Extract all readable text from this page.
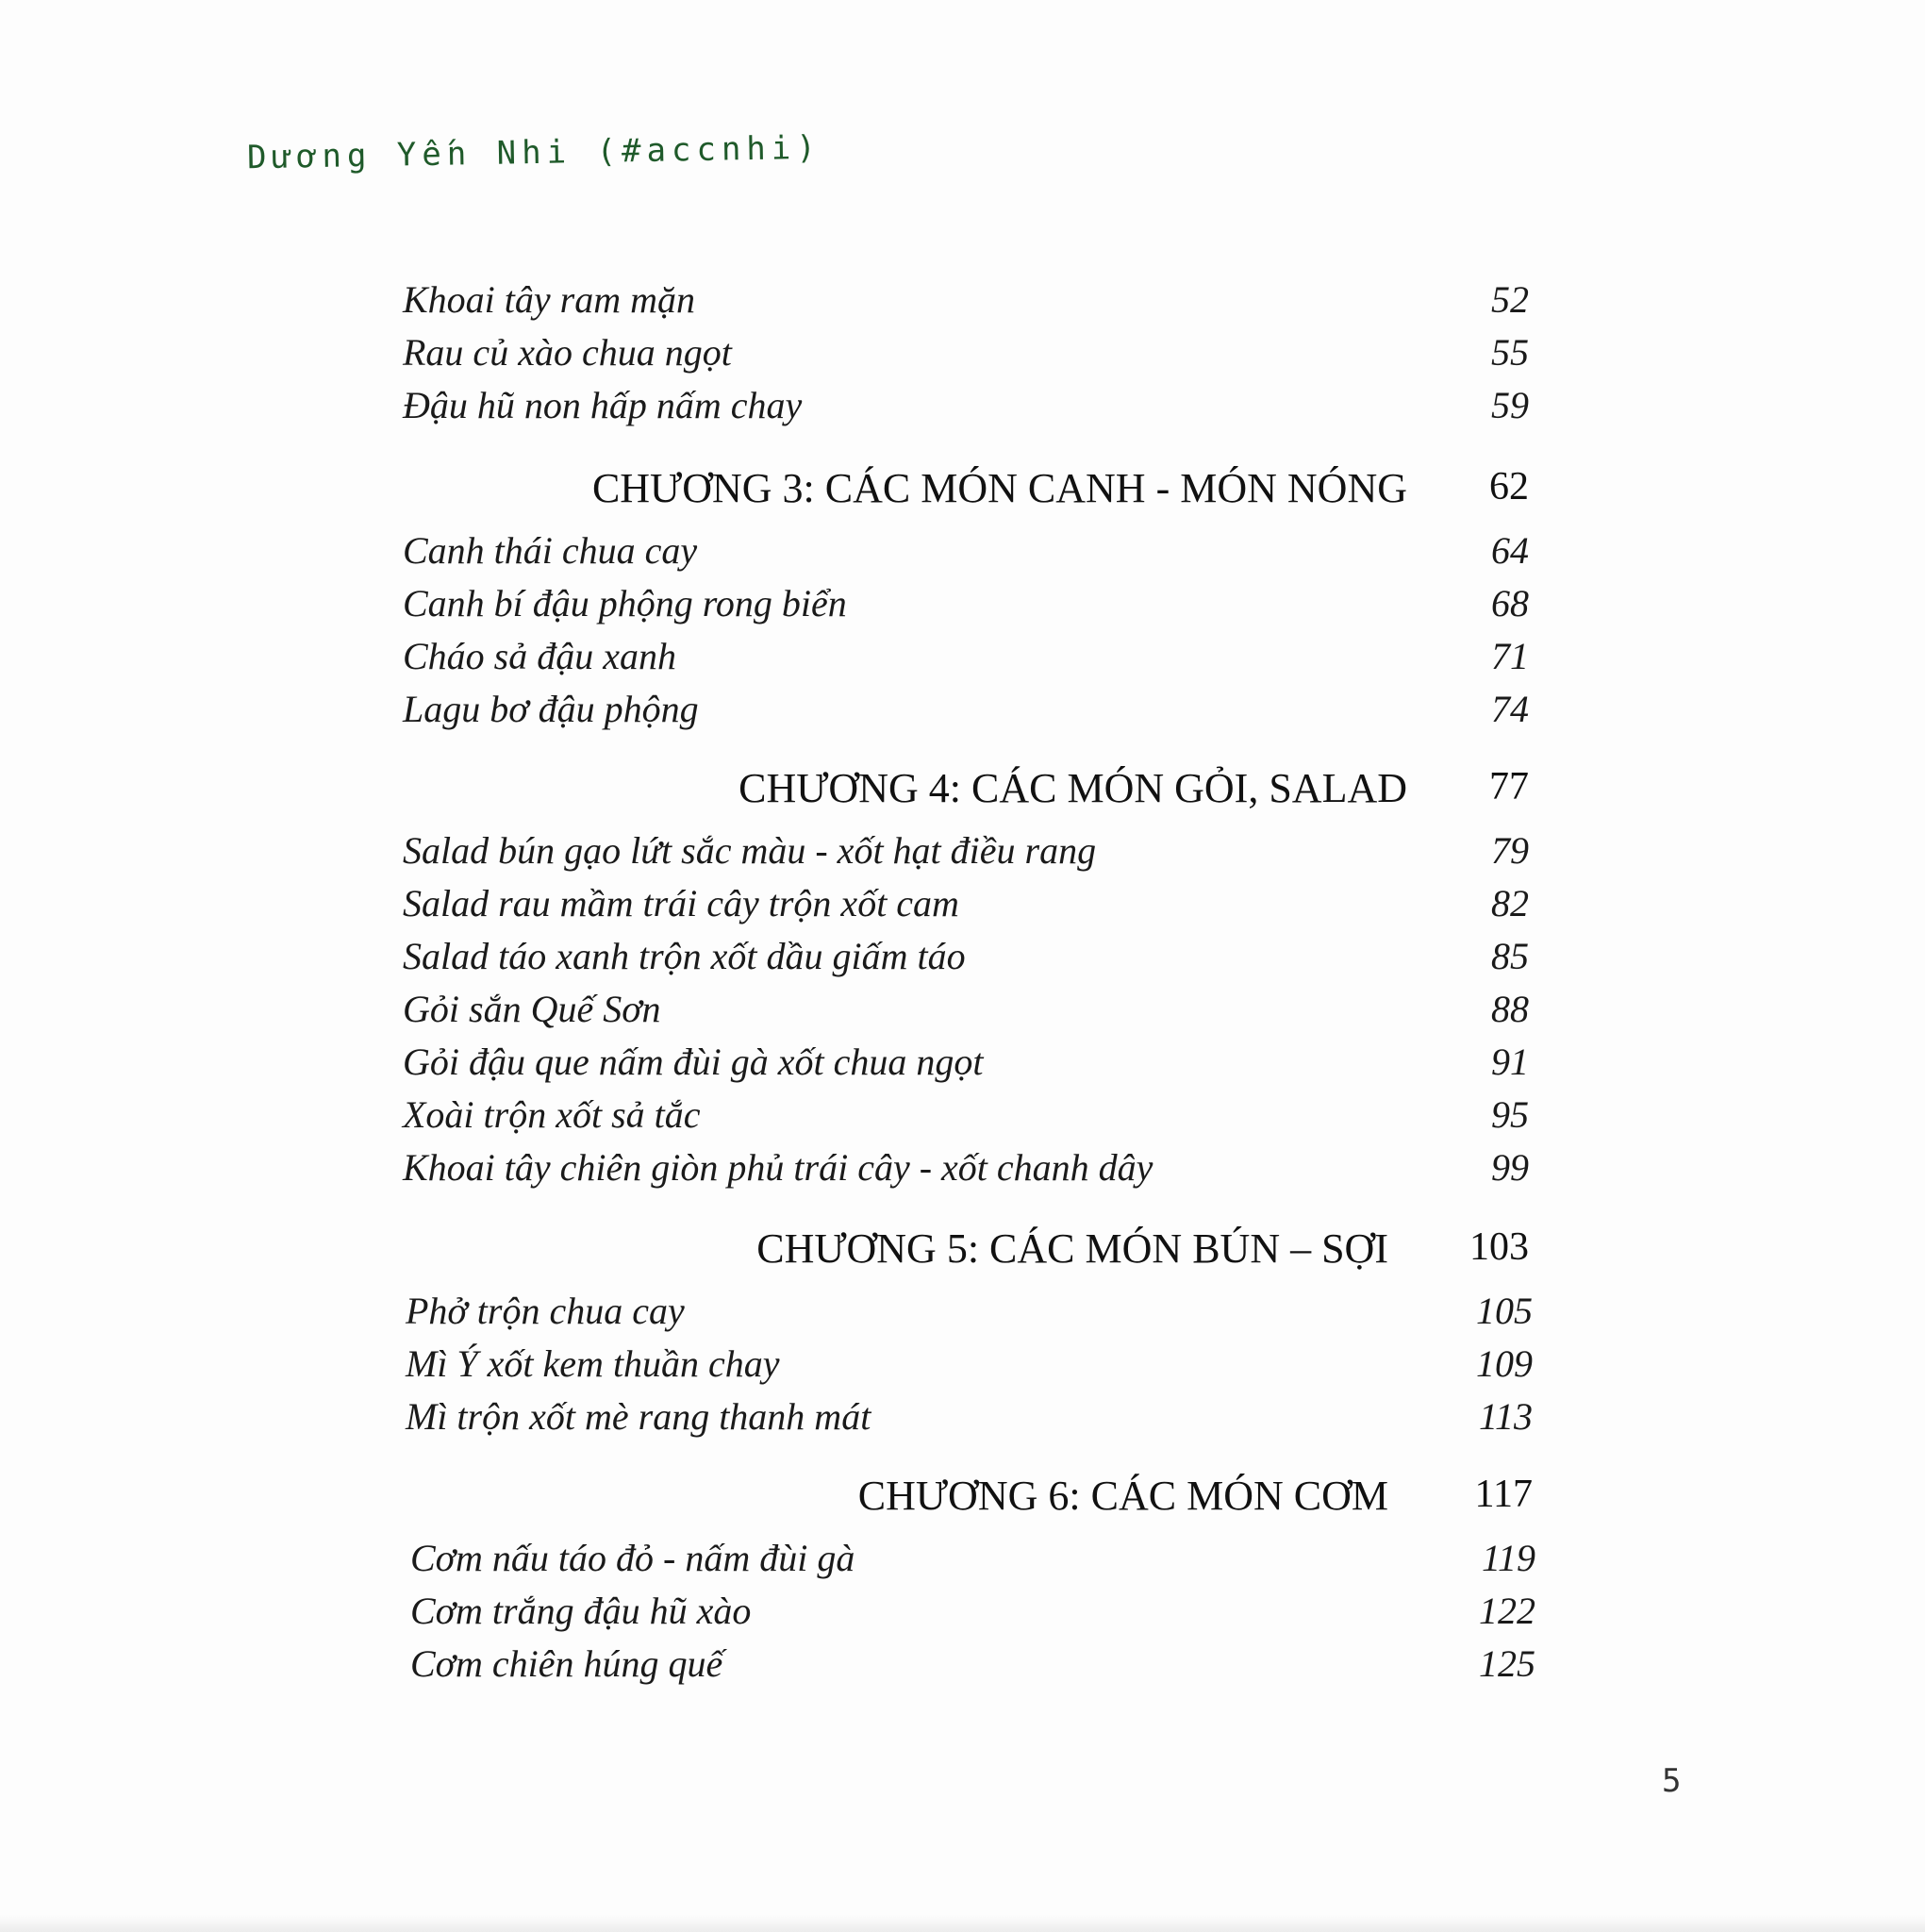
Dương Yến Nhi (#accnhi)
Khoai tây ram mặn	52
Rau củ xào chua ngọt	55
Đậu hũ non hấp nấm chay	59
CHƯƠNG 3: CÁC MÓN CANH - MÓN NÓNG	62
Canh thái chua cay	64
Canh bí đậu phộng rong biển	68
Cháo sả đậu xanh	71
Lagu bơ đậu phộng	74
CHƯƠNG 4: CÁC MÓN GỎI, SALAD	77
Salad bún gạo lứt sắc màu - xốt hạt điều rang	79
Salad rau mầm trái cây trộn xốt cam	82
Salad táo xanh trộn xốt dầu giấm táo	85
Gỏi sắn Quế Sơn	88
Gỏi đậu que nấm đùi gà xốt chua ngọt	91
Xoài trộn xốt sả tắc	95
Khoai tây chiên giòn phủ trái cây - xốt chanh dây	99
CHƯƠNG 5: CÁC MÓN BÚN – SỢI	103
Phở trộn chua cay	105
Mì Ý xốt kem thuần chay	109
Mì trộn xốt mè rang thanh mát	113
CHƯƠNG 6: CÁC MÓN CƠM	117
Cơm nấu táo đỏ - nấm đùi gà	119
Cơm trắng đậu hũ xào	122
Cơm chiên húng quế	125
5
